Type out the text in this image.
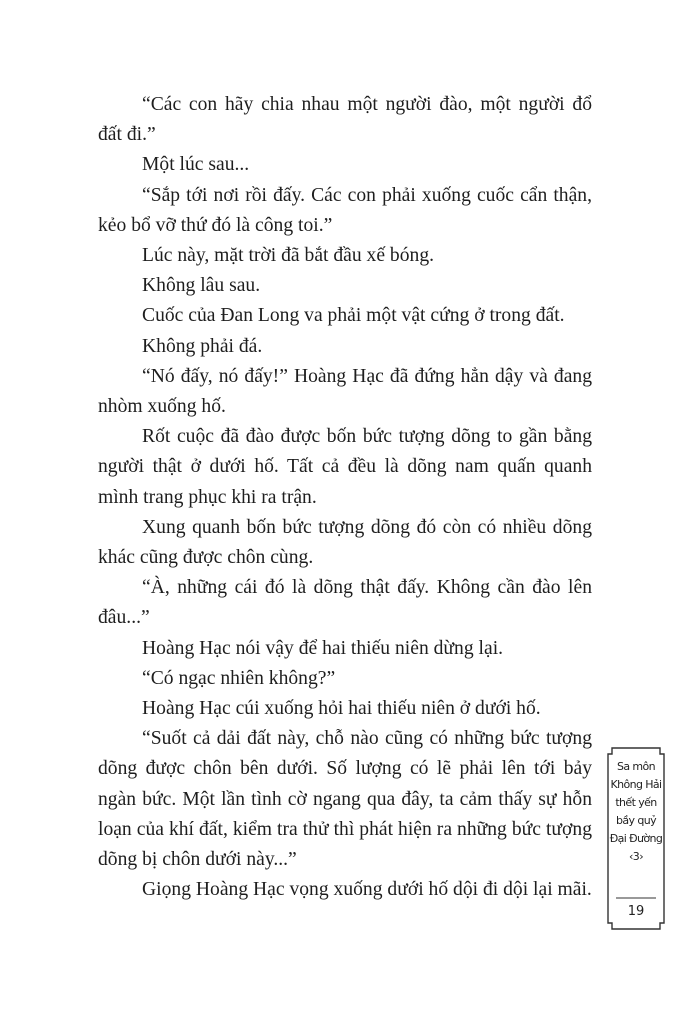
“Các con hãy chia nhau một người đào, một người đổ đất đi.”

Một lúc sau...

“Sắp tới nơi rồi đấy. Các con phải xuống cuốc cẩn thận, kẻo bổ vỡ thứ đó là công toi.”

Lúc này, mặt trời đã bắt đầu xế bóng.

Không lâu sau.

Cuốc của Đan Long va phải một vật cứng ở trong đất.

Không phải đá.

“Nó đấy, nó đấy!” Hoàng Hạc đã đứng hẳn dậy và đang nhòm xuống hố.

Rốt cuộc đã đào được bốn bức tượng dõng to gần bằng người thật ở dưới hố. Tất cả đều là dõng nam quấn quanh mình trang phục khi ra trận.

Xung quanh bốn bức tượng dõng đó còn có nhiều dõng khác cũng được chôn cùng.

“À, những cái đó là dõng thật đấy. Không cần đào lên đâu...”

Hoàng Hạc nói vậy để hai thiếu niên dừng lại.

“Có ngạc nhiên không?”

Hoàng Hạc cúi xuống hỏi hai thiếu niên ở dưới hố.

“Suốt cả dải đất này, chỗ nào cũng có những bức tượng dõng được chôn bên dưới. Số lượng có lẽ phải lên tới bảy ngàn bức. Một lần tình cờ ngang qua đây, ta cảm thấy sự hỗn loạn của khí đất, kiểm tra thử thì phát hiện ra những bức tượng dõng bị chôn dưới này...”

Giọng Hoàng Hạc vọng xuống dưới hố dội đi dội lại mãi.

Sa môn
Không Hải
thết yến
bầy quỷ
Đại Đường
‹3›
19
